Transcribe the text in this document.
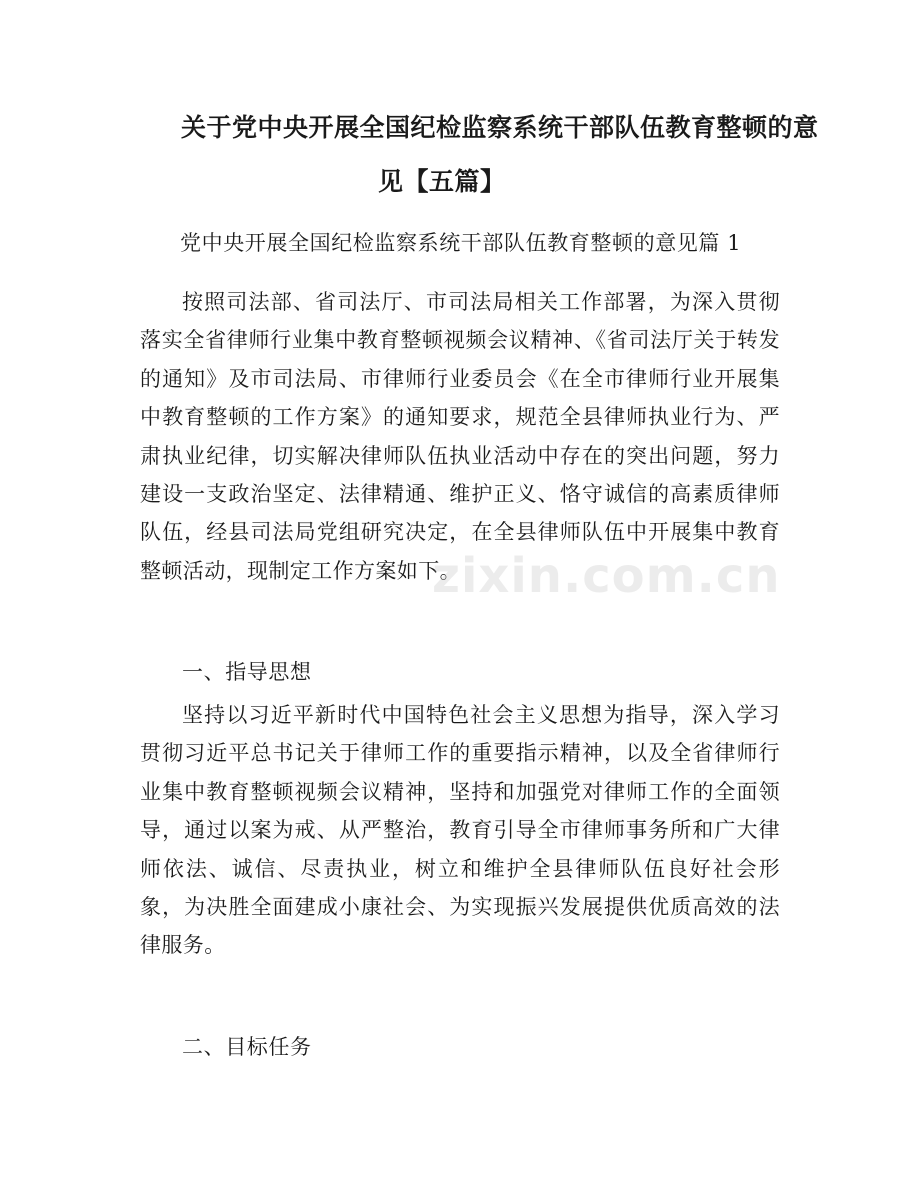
关于党中央开展全国纪检监察系统干部队伍教育整顿的意
见【五篇】
党中央开展全国纪检监察系统干部队伍教育整顿的意见篇 1

按照司法部、省司法厅、市司法局相关工作部署，为深入贯彻落实全省律师行业集中教育整顿视频会议精神、《省司法厅关于转发的通知》及市司法局、市律师行业委员会《在全市律师行业开展集中教育整顿的工作方案》的通知要求，规范全县律师执业行为、严肃执业纪律，切实解决律师队伍执业活动中存在的突出问题，努力建设一支政治坚定、法律精通、维护正义、恪守诚信的高素质律师队伍，经县司法局党组研究决定，在全县律师队伍中开展集中教育整顿活动，现制定工作方案如下。

zixin.com.cn
一、指导思想

坚持以习近平新时代中国特色社会主义思想为指导，深入学习贯彻习近平总书记关于律师工作的重要指示精神，以及全省律师行业集中教育整顿视频会议精神，坚持和加强党对律师工作的全面领导，通过以案为戒、从严整治，教育引导全市律师事务所和广大律师依法、诚信、尽责执业，树立和维护全县律师队伍良好社会形象，为决胜全面建成小康社会、为实现振兴发展提供优质高效的法律服务。

二、目标任务
